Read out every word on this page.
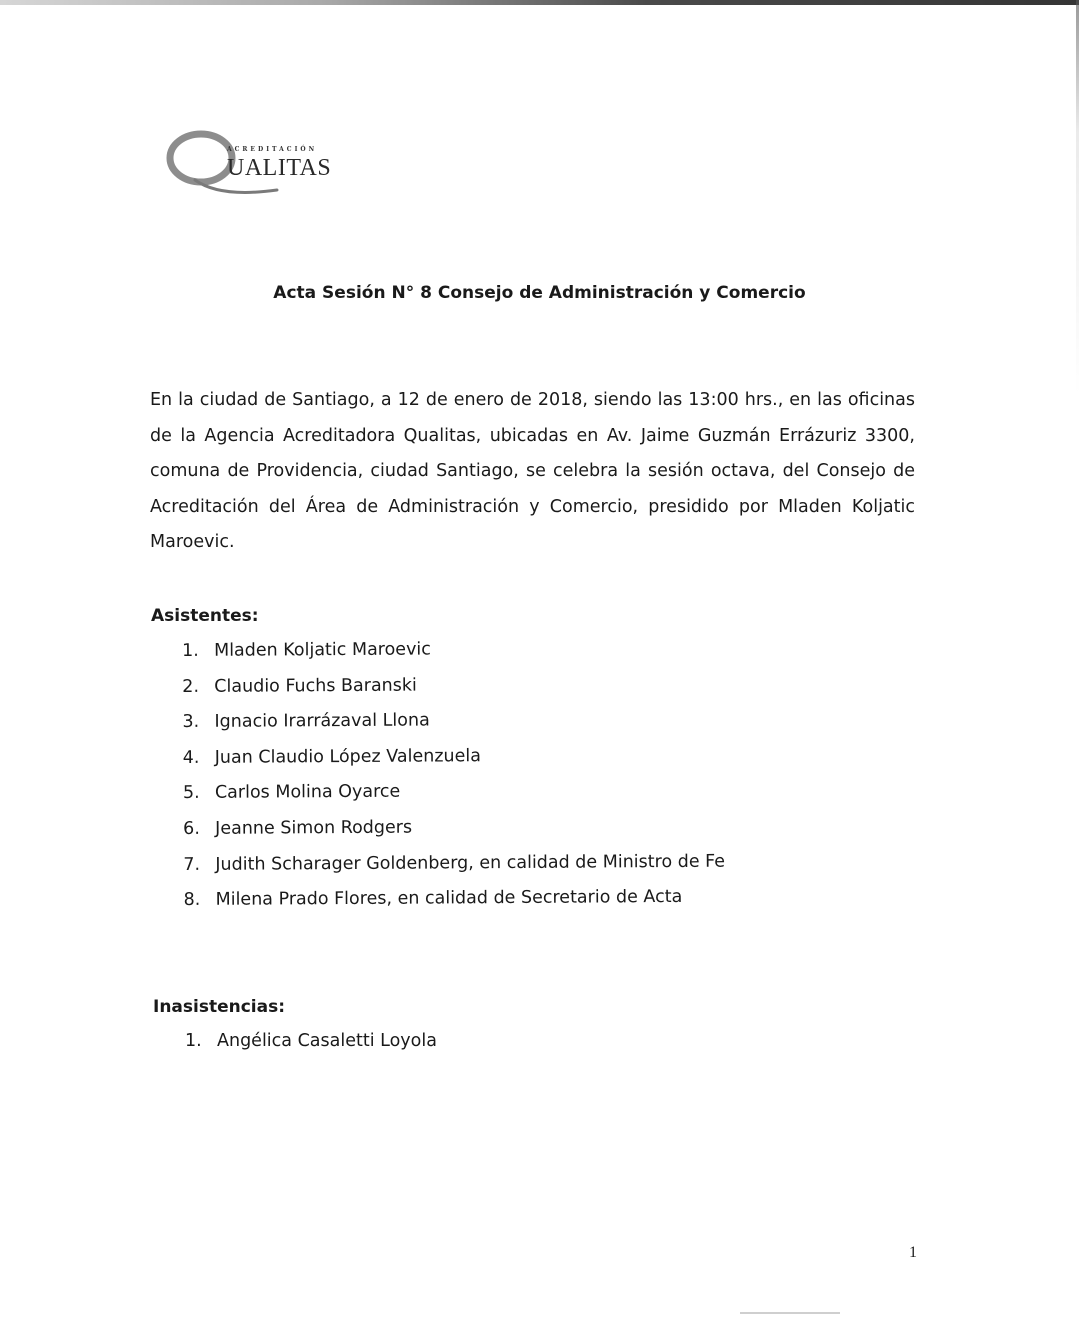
ACREDITACIÓN
UALITAS
Acta Sesión N° 8 Consejo de Administración y Comercio

En la ciudad de Santiago, a 12 de enero de 2018, siendo las 13:00 hrs., en las oficinas de la Agencia Acreditadora Qualitas, ubicadas en Av. Jaime Guzmán Errázuriz 3300, comuna de Providencia, ciudad Santiago, se celebra la sesión octava, del Consejo de Acreditación del Área de Administración y Comercio, presidido por Mladen Koljatic Maroevic.

Asistentes:
1. Mladen Koljatic Maroevic
2. Claudio Fuchs Baranski
3. Ignacio Irarrázaval Llona
4. Juan Claudio López Valenzuela
5. Carlos Molina Oyarce
6. Jeanne Simon Rodgers
7. Judith Scharager Goldenberg, en calidad de Ministro de Fe
8. Milena Prado Flores, en calidad de Secretario de Acta
Inasistencias:
1. Angélica Casaletti Loyola
1
